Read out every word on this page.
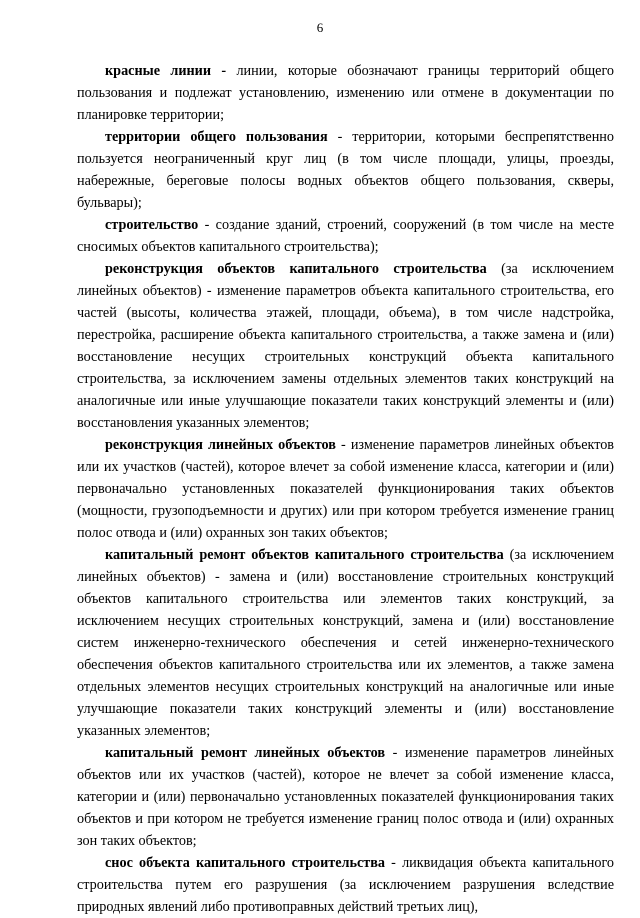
6

красные линии - линии, которые обозначают границы территорий общего пользования и подлежат установлению, изменению или отмене в документации по планировке территории;

территории общего пользования - территории, которыми беспрепятственно пользуется неограниченный круг лиц (в том числе площади, улицы, проезды, набережные, береговые полосы водных объектов общего пользования, скверы, бульвары);

строительство - создание зданий, строений, сооружений (в том числе на месте сносимых объектов капитального строительства);

реконструкция объектов капитального строительства (за исключением линейных объектов) - изменение параметров объекта капитального строительства, его частей (высоты, количества этажей, площади, объема), в том числе надстройка, перестройка, расширение объекта капитального строительства, а также замена и (или) восстановление несущих строительных конструкций объекта капитального строительства, за исключением замены отдельных элементов таких конструкций на аналогичные или иные улучшающие показатели таких конструкций элементы и (или) восстановления указанных элементов;

реконструкция линейных объектов - изменение параметров линейных объектов или их участков (частей), которое влечет за собой изменение класса, категории и (или) первоначально установленных показателей функционирования таких объектов (мощности, грузоподъемности и других) или при котором требуется изменение границ полос отвода и (или) охранных зон таких объектов;

капитальный ремонт объектов капитального строительства (за исключением линейных объектов) - замена и (или) восстановление строительных конструкций объектов капитального строительства или элементов таких конструкций, за исключением несущих строительных конструкций, замена и (или) восстановление систем инженерно-технического обеспечения и сетей инженерно-технического обеспечения объектов капитального строительства или их элементов, а также замена отдельных элементов несущих строительных конструкций на аналогичные или иные улучшающие показатели таких конструкций элементы и (или) восстановление указанных элементов;

капитальный ремонт линейных объектов - изменение параметров линейных объектов или их участков (частей), которое не влечет за собой изменение класса, категории и (или) первоначально установленных показателей функционирования таких объектов и при котором не требуется изменение границ полос отвода и (или) охранных зон таких объектов;

снос объекта капитального строительства - ликвидация объекта капитального строительства путем его разрушения (за исключением разрушения вследствие природных явлений либо противоправных действий третьих лиц),
